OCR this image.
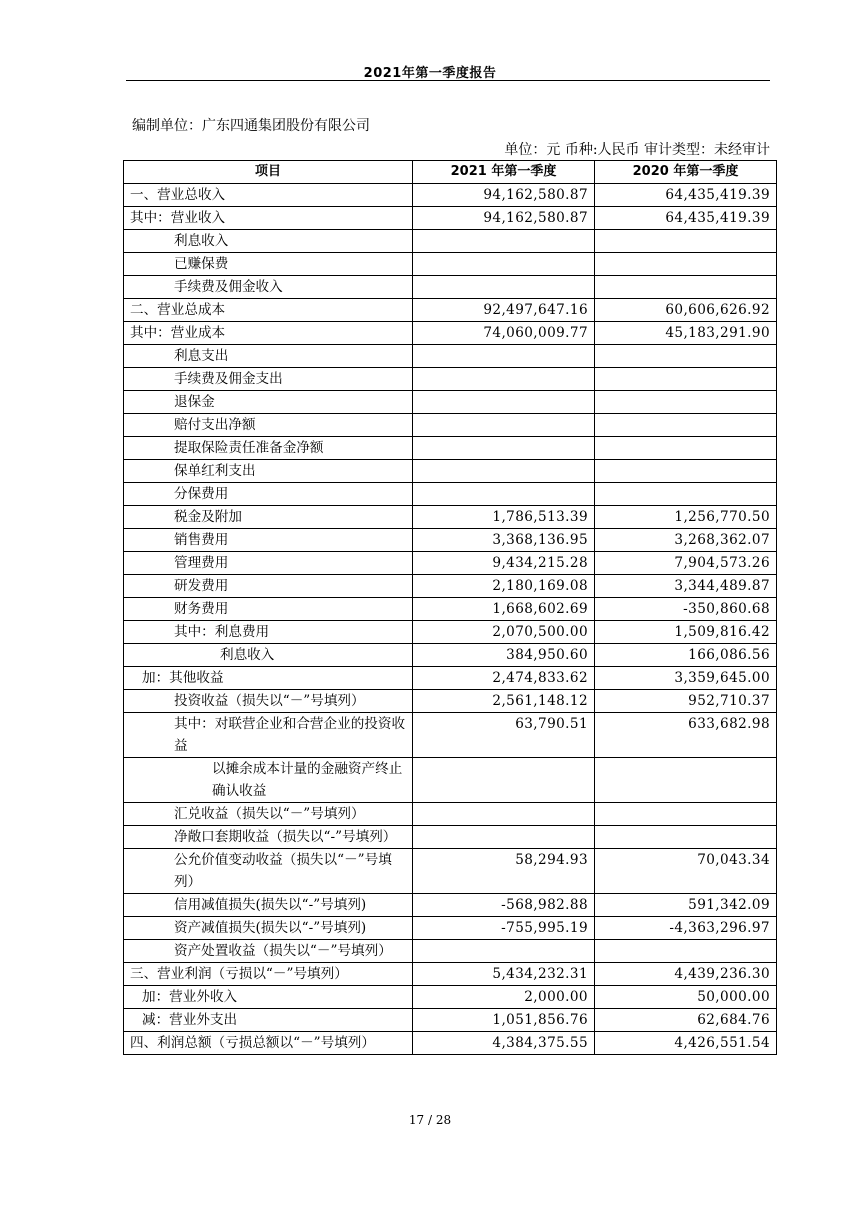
2021年第一季度报告
编制单位：广东四通集团股份有限公司
单位：元 币种:人民币 审计类型：未经审计
项目	2021 年第一季度	2020 年第一季度
一、营业总收入	94,162,580.87	64,435,419.39
其中：营业收入	94,162,580.87	64,435,419.39
利息收入		
已赚保费		
手续费及佣金收入		
二、营业总成本	92,497,647.16	60,606,626.92
其中：营业成本	74,060,009.77	45,183,291.90
利息支出		
手续费及佣金支出		
退保金		
赔付支出净额		
提取保险责任准备金净额		
保单红利支出		
分保费用		
税金及附加	1,786,513.39	1,256,770.50
销售费用	3,368,136.95	3,268,362.07
管理费用	9,434,215.28	7,904,573.26
研发费用	2,180,169.08	3,344,489.87
财务费用	1,668,602.69	-350,860.68
其中：利息费用	2,070,500.00	1,509,816.42
利息收入	384,950.60	166,086.56
加：其他收益	2,474,833.62	3,359,645.00
投资收益（损失以“－”号填列）	2,561,148.12	952,710.37
其中：对联营企业和合营企业的投资收益	63,790.51	633,682.98
以摊余成本计量的金融资产终止确认收益		
汇兑收益（损失以“－”号填列）		
净敞口套期收益（损失以“-”号填列）		
公允价值变动收益（损失以“－”号填列）	58,294.93	70,043.34
信用减值损失(损失以“-”号填列)	-568,982.88	591,342.09
资产减值损失(损失以“-”号填列)	-755,995.19	-4,363,296.97
资产处置收益（损失以“－”号填列）		
三、营业利润（亏损以“－”号填列）	5,434,232.31	4,439,236.30
加：营业外收入	2,000.00	50,000.00
减：营业外支出	1,051,856.76	62,684.76
四、利润总额（亏损总额以“－”号填列）	4,384,375.55	4,426,551.54
17 / 28
